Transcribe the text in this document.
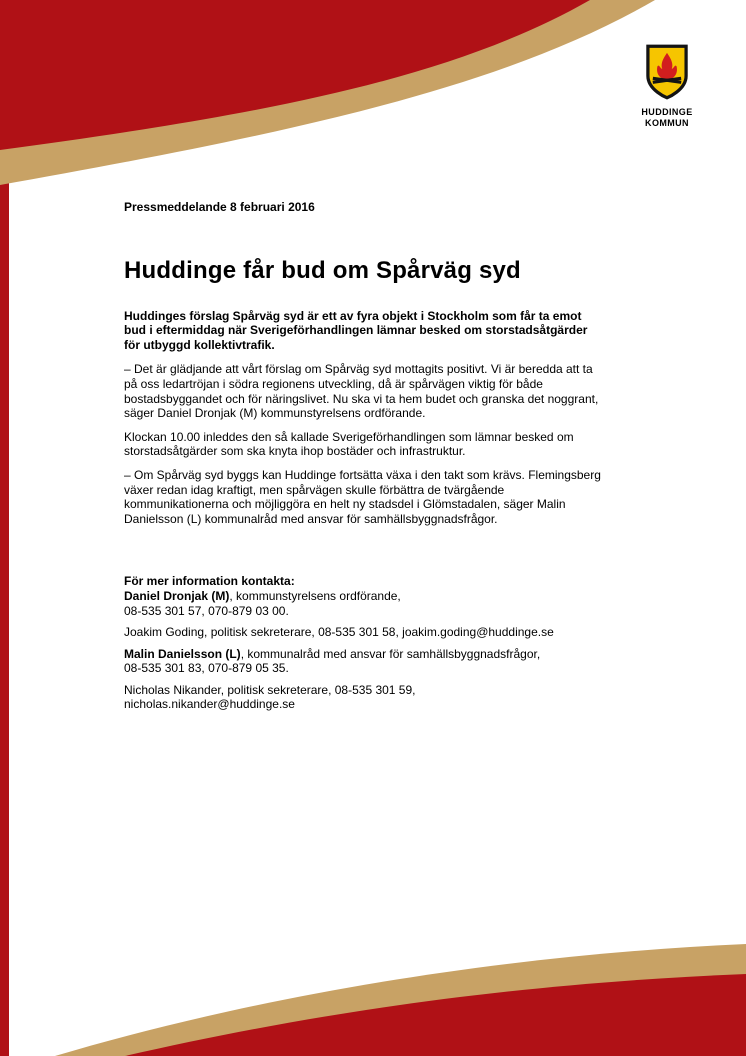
HUDDINGE
KOMMUN
Pressmeddelande 8 februari 2016
Huddinge får bud om Spårväg syd

Huddinges förslag Spårväg syd är ett av fyra objekt i Stockholm som får ta emot bud i eftermiddag när Sverigeförhandlingen lämnar besked om storstadsåtgärder för utbyggd kollektivtrafik.

– Det är glädjande att vårt förslag om Spårväg syd mottagits positivt. Vi är beredda att ta på oss ledartröjan i södra regionens utveckling, då är spårvägen viktig för både bostadsbyggandet och för näringslivet. Nu ska vi ta hem budet och granska det noggrant, säger Daniel Dronjak (M) kommunstyrelsens ordförande.

Klockan 10.00 inleddes den så kallade Sverigeförhandlingen som lämnar besked om storstadsåtgärder som ska knyta ihop bostäder och infrastruktur.

– Om Spårväg syd byggs kan Huddinge fortsätta växa i den takt som krävs. Flemingsberg växer redan idag kraftigt, men spårvägen skulle förbättra de tvärgående kommunikationerna och möjliggöra en helt ny stadsdel i Glömstadalen, säger Malin Danielsson (L) kommunalråd med ansvar för samhällsbyggnadsfrågor.

För mer information kontakta:
Daniel Dronjak (M), kommunstyrelsens ordförande,
08-535 301 57, 070-879 03 00.
Joakim Goding, politisk sekreterare, 08-535 301 58, joakim.goding@huddinge.se
Malin Danielsson (L), kommunalråd med ansvar för samhällsbyggnadsfrågor,
08-535 301 83, 070-879 05 35.
Nicholas Nikander, politisk sekreterare, 08-535 301 59,
nicholas.nikander@huddinge.se
